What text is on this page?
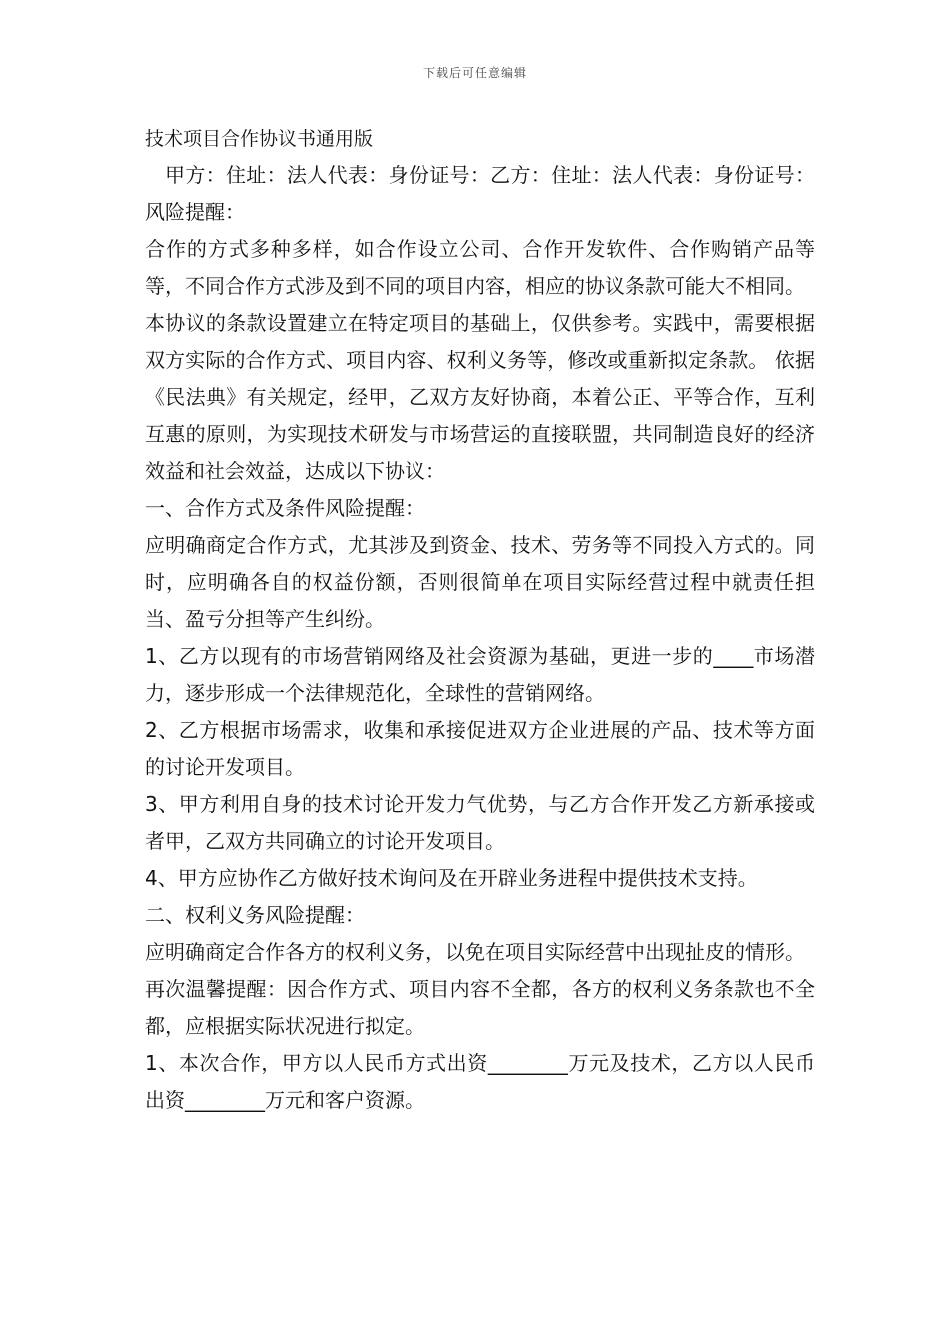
下载后可任意编辑
技术项目合作协议书通用版

甲方：住址：法人代表：身份证号：乙方：住址：法人代表：身份证号：风险提醒：

合作的方式多种多样，如合作设立公司、合作开发软件、合作购销产品等等，不同合作方式涉及到不同的项目内容，相应的协议条款可能大不相同。

本协议的条款设置建立在特定项目的基础上，仅供参考。实践中，需要根据双方实际的合作方式、项目内容、权利义务等，修改或重新拟定条款。 依据《民法典》有关规定，经甲，乙双方友好协商，本着公正、平等合作，互利互惠的原则，为实现技术研发与市场营运的直接联盟，共同制造良好的经济效益和社会效益，达成以下协议：

一、合作方式及条件风险提醒：

应明确商定合作方式，尤其涉及到资金、技术、劳务等不同投入方式的。同时，应明确各自的权益份额，否则很简单在项目实际经营过程中就责任担当、盈亏分担等产生纠纷。

1、乙方以现有的市场营销网络及社会资源为基础，更进一步的____市场潜力，逐步形成一个法律规范化，全球性的营销网络。

2、乙方根据市场需求，收集和承接促进双方企业进展的产品、技术等方面的讨论开发项目。

3、甲方利用自身的技术讨论开发力气优势，与乙方合作开发乙方新承接或者甲，乙双方共同确立的讨论开发项目。

4、甲方应协作乙方做好技术询问及在开辟业务进程中提供技术支持。

二、权利义务风险提醒：

应明确商定合作各方的权利义务，以免在项目实际经营中出现扯皮的情形。

再次温馨提醒：因合作方式、项目内容不全都，各方的权利义务条款也不全都，应根据实际状况进行拟定。

1、本次合作，甲方以人民币方式出资________万元及技术，乙方以人民币出资________万元和客户资源。
